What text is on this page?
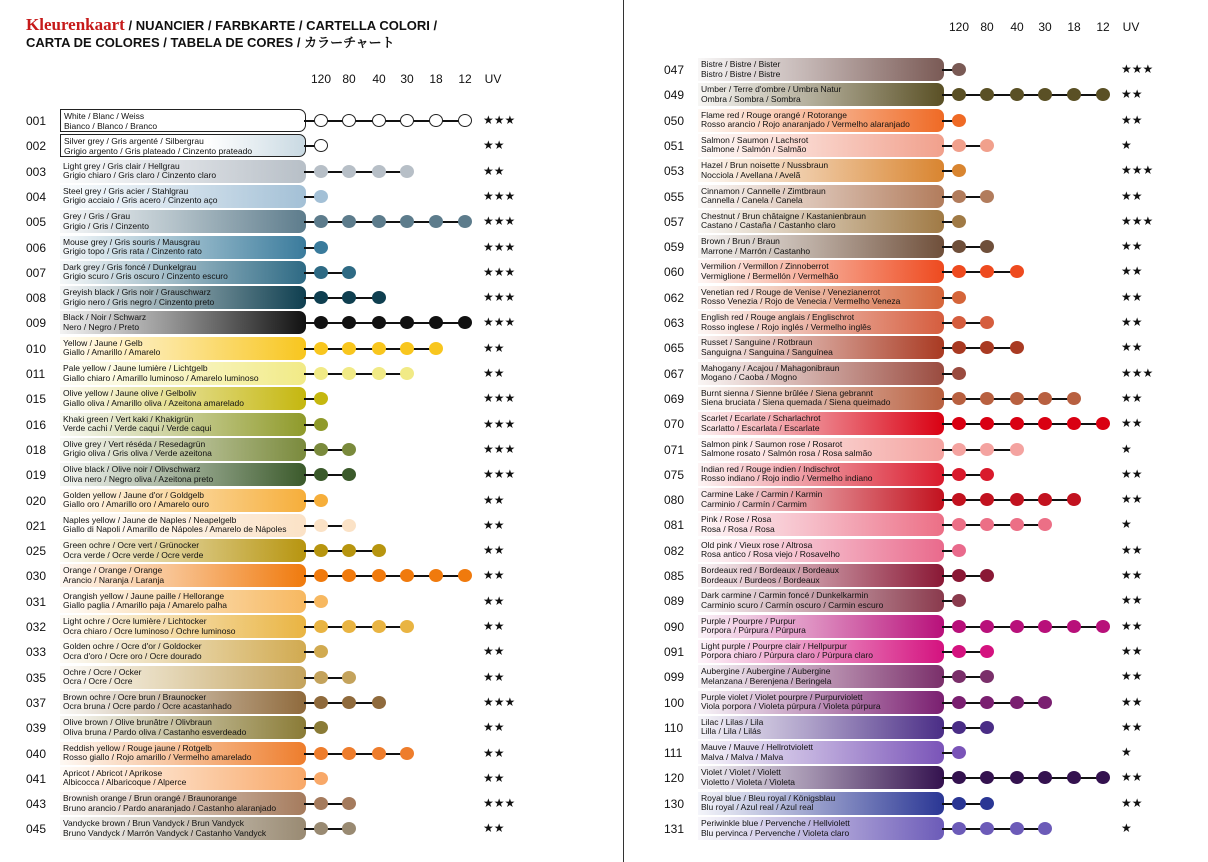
Kleurenkaart / NUANCIER / FARBKARTE / CARTELLA COLORI / CARTA DE COLORES / TABELA DE CORES / カラーチャート
120 80	40	30	18	12	UV
120 80	40	30	18	12	UV
001	White / Blanc / Weiss
Bianco / Blanco / Branco	★★★
002	Silver grey / Gris argenté / Silbergrau
Grigio argento / Gris plateado / Cinzento prateado	★★
003	Light grey / Gris clair / Hellgrau
Grigio chiaro / Gris claro / Cinzento claro	★★
004	Steel grey / Gris acier / Stahlgrau
Grigio acciaio / Gris acero / Cinzento aço	★★★
005	Grey / Gris / Grau
Grigio / Gris / Cinzento	★★★
006	Mouse grey / Gris souris / Mausgrau
Grigio topo / Gris rata / Cinzento rato	★★★
007	Dark grey / Gris foncé / Dunkelgrau
Grigio scuro / Gris oscuro / Cinzento escuro	★★★
008	Greyish black / Gris noir / Grauschwarz
Grigio nero / Gris negro / Cinzento preto	★★★
009	Black / Noir / Schwarz
Nero / Negro / Preto	★★★
010	Yellow / Jaune / Gelb
Giallo / Amarillo / Amarelo	★★
011	Pale yellow / Jaune lumière / Lichtgelb
Giallo chiaro / Amarillo luminoso / Amarelo luminoso	★★
015	Olive yellow / Jaune olive / Gelboliv
Giallo oliva / Amarillo oliva / Azeitona amarelado	★★★
016	Khaki green / Vert kaki / Khakigrün
Verde cachi / Verde caqui / Verde caqui	★★★
018	Olive grey / Vert réséda / Resedagrün
Grigio oliva / Gris oliva / Verde azeitona	★★★
019	Olive black / Olive noir / Olivschwarz
Oliva nero / Negro oliva / Azeitona preto	★★★
020	Golden yellow / Jaune d'or / Goldgelb
Giallo oro / Amarillo oro / Amarelo ouro	★★
021	Naples yellow / Jaune de Naples / Neapelgelb
Giallo di Napoli / Amarillo de Nápoles / Amarelo de Nápoles	★★
025	Green ochre / Ocre vert / Grünocker
Ocra verde / Ocre verde / Ocre verde	★★
030	Orange / Orange / Orange
Arancio / Naranja / Laranja	★★
031	Orangish yellow / Jaune paille / Hellorange
Giallo paglia / Amarillo paja / Amarelo palha	★★
032	Light ochre / Ocre lumière / Lichtocker
Ocra chiaro / Ocre luminoso / Ochre luminoso	★★
033	Golden ochre / Ocre d'or / Goldocker
Ocra d'oro / Ocre oro / Ocre dourado	★★
035	Ochre / Ocre / Ocker
Ocra / Ocre / Ocre	★★
037	Brown ochre / Ocre brun / Braunocker
Ocra bruna / Ocre pardo / Ocre acastanhado	★★★
039	Olive brown / Olive brunâtre / Olivbraun
Oliva bruna / Pardo oliva / Castanho esverdeado	★★
040	Reddish yellow / Rouge jaune / Rotgelb
Rosso giallo / Rojo amarillo / Vermelho amarelado	★★
041	Apricot / Abricot / Aprikose
Albicocca / Albaricoque / Alperce	★★
043	Brownish orange / Brun orangé / Braunorange
Bruno arancio / Pardo anaranjado / Castanho alaranjado	★★★
045	Vandycke brown / Brun Vandyck / Brun Vandyck
Bruno Vandyck / Marrón Vandyck / Castanho Vandyck	★★
047	Bistre / Bistre / Bister
Bistro / Bistre / Bistre	★★★
049	Umber / Terre d'ombre / Umbra Natur
Ombra / Sombra / Sombra	★★
050	Flame red / Rouge orangé / Rotorange
Rosso arancio / Rojo anaranjado / Vermelho alaranjado	★★
051	Salmon / Saumon / Lachsrot
Salmone / Salmón / Salmão	★
053	Hazel / Brun noisette / Nussbraun
Nocciola / Avellana / Avelã	★★★
055	Cinnamon / Cannelle / Zimtbraun
Cannella / Canela / Canela	★★
057	Chestnut / Brun châtaigne / Kastanienbraun
Castano / Castaña / Castanho claro	★★★
059	Brown / Brun / Braun
Marrone / Marrón / Castanho	★★
060	Vermilion / Vermillon / Zinnoberrot
Vermiglione / Bermellón / Vermelhão	★★
062	Venetian red / Rouge de Venise / Venezianerrot
Rosso Venezia / Rojo de Venecia / Vermelho Veneza	★★
063	English red / Rouge anglais / Englischrot
Rosso inglese / Rojo inglés / Vermelho inglês	★★
065	Russet / Sanguine / Rotbraun
Sanguigna / Sanguina / Sanguínea	★★
067	Mahogany / Acajou / Mahagonibraun
Mogano / Caoba / Mogno	★★★
069	Burnt sienna / Sienne brûlée / Siena gebrannt
Siena bruciata / Siena quemada / Siena queimado	★★
070	Scarlet / Ecarlate / Scharlachrot
Scarlatto / Escarlata / Escarlate	★★
071	Salmon pink / Saumon rose / Rosarot
Salmone rosato / Salmón rosa / Rosa salmão	★
075	Indian red / Rouge indien / Indischrot
Rosso indiano / Rojo indio / Vermelho indiano	★★
080	Carmine Lake / Carmin / Karmin
Carminio / Carmín / Carmim	★★
081	Pink / Rose / Rosa
Rosa / Rosa / Rosa	★
082	Old pink / Vieux rose / Altrosa
Rosa antico / Rosa viejo / Rosavelho	★★
085	Bordeaux red / Bordeaux / Bordeaux
Bordeaux / Burdeos / Bordeaux	★★
089	Dark carmine / Carmin foncé / Dunkelkarmin
Carminio scuro / Carmín oscuro / Carmin escuro	★★
090	Purple / Pourpre / Purpur
Porpora / Púrpura / Púrpura	★★
091	Light purple / Pourpre clair / Hellpurpur
Porpora chiaro / Púrpura claro / Púrpura claro	★★
099	Aubergine / Aubergine / Aubergine
Melanzana / Berenjena / Beringela	★★
100	Purple violet / Violet pourpre / Purpurviolett
Viola porpora / Violeta púrpura / Violeta púrpura	★★
110	Lilac / Lilas / Lila
Lilla / Lila / Lilás	★★
111	Mauve / Mauve / Hellrotviolett
Malva / Malva / Malva	★
120	Violet / Violet / Violett
Violetto / Violeta / Violeta	★★
130	Royal blue / Bleu royal / Königsblau
Blu royal / Azul real / Azul real	★★
131	Periwinkle blue / Pervenche / Hellviolett
Blu pervinca / Pervenche / Violeta claro	★
